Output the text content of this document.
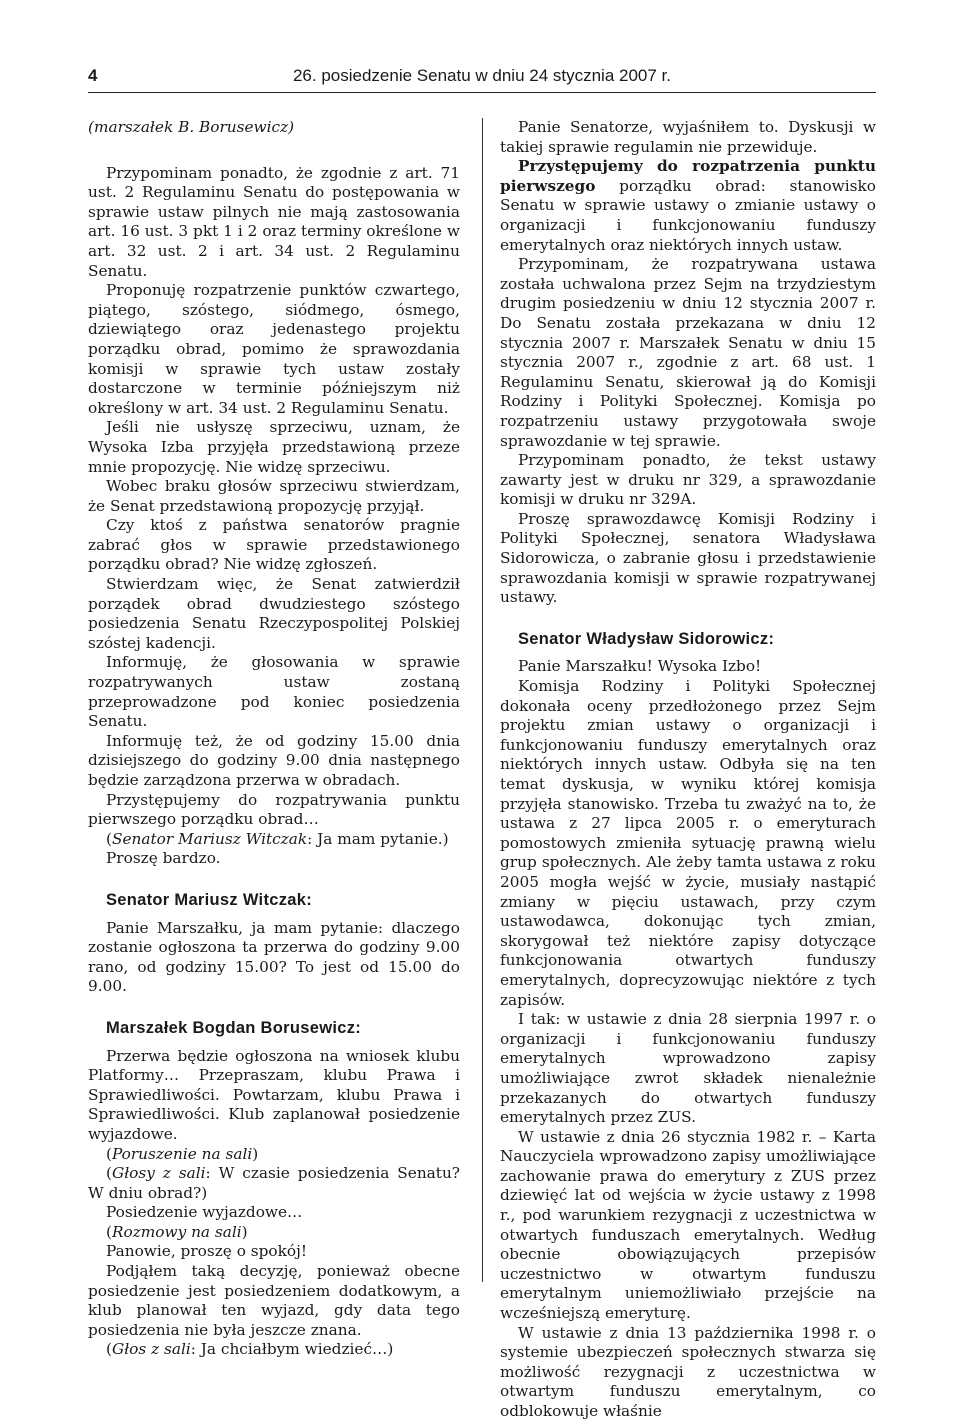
4	26. posiedzenie Senatu w dniu 24 stycznia 2007 r.

(marszałek B. Borusewicz)

Przypominam ponadto, że zgodnie z art. 71 ust. 2 Regulaminu Senatu do postępowania w sprawie ustaw pilnych nie mają zastosowania art. 16 ust. 3 pkt 1 i 2 oraz terminy określone w art. 32 ust. 2 i art. 34 ust. 2 Regulaminu Senatu.

Proponuję rozpatrzenie punktów czwartego, piątego, szóstego, siódmego, ósmego, dziewiątego oraz jedenastego projektu porządku obrad, pomimo że sprawozdania komisji w sprawie tych ustaw zostały dostarczone w terminie późniejszym niż określony w art. 34 ust. 2 Regulaminu Senatu.

Jeśli nie usłyszę sprzeciwu, uznam, że Wysoka Izba przyjęła przedstawioną przeze mnie propozycję. Nie widzę sprzeciwu.

Wobec braku głosów sprzeciwu stwierdzam, że Senat przedstawioną propozycję przyjął.

Czy ktoś z państwa senatorów pragnie zabrać głos w sprawie przedstawionego porządku obrad? Nie widzę zgłoszeń.

Stwierdzam więc, że Senat zatwierdził porządek obrad dwudziestego szóstego posiedzenia Senatu Rzeczypospolitej Polskiej szóstej kadencji.

Informuję, że głosowania w sprawie rozpatrywanych ustaw zostaną przeprowadzone pod koniec posiedzenia Senatu.

Informuję też, że od godziny 15.00 dnia dzisiejszego do godziny 9.00 dnia następnego będzie zarządzona przerwa w obradach.

Przystępujemy do rozpatrywania punktu pierwszego porządku obrad…

(Senator Mariusz Witczak: Ja mam pytanie.)

Proszę bardzo.

Senator Mariusz Witczak:

Panie Marszałku, ja mam pytanie: dlaczego zostanie ogłoszona ta przerwa do godziny 9.00 rano, od godziny 15.00? To jest od 15.00 do 9.00.

Marszałek Bogdan Borusewicz:

Przerwa będzie ogłoszona na wniosek klubu Platformy… Przepraszam, klubu Prawa i Sprawiedliwości. Powtarzam, klubu Prawa i Sprawiedliwości. Klub zaplanował posiedzenie wyjazdowe.

(Poruszenie na sali)

(Głosy z sali: W czasie posiedzenia Senatu? W dniu obrad?)

Posiedzenie wyjazdowe…

(Rozmowy na sali)

Panowie, proszę o spokój!

Podjąłem taką decyzję, ponieważ obecne posiedzenie jest posiedzeniem dodatkowym, a klub planował ten wyjazd, gdy data tego posiedzenia nie była jeszcze znana.

(Głos z sali: Ja chciałbym wiedzieć…)

Panie Senatorze, wyjaśniłem to. Dyskusji w takiej sprawie regulamin nie przewiduje.

Przystępujemy do rozpatrzenia punktu pierwszego porządku obrad: stanowisko Senatu w sprawie ustawy o zmianie ustawy o organizacji i funkcjonowaniu funduszy emerytalnych oraz niektórych innych ustaw.

Przypominam, że rozpatrywana ustawa została uchwalona przez Sejm na trzydziestym drugim posiedzeniu w dniu 12 stycznia 2007 r. Do Senatu została przekazana w dniu 12 stycznia 2007 r. Marszałek Senatu w dniu 15 stycznia 2007 r., zgodnie z art. 68 ust. 1 Regulaminu Senatu, skierował ją do Komisji Rodziny i Polityki Społecznej. Komisja po rozpatrzeniu ustawy przygotowała swoje sprawozdanie w tej sprawie.

Przypominam ponadto, że tekst ustawy zawarty jest w druku nr 329, a sprawozdanie komisji w druku nr 329A.

Proszę sprawozdawcę Komisji Rodziny i Polityki Społecznej, senatora Władysława Sidorowicza, o zabranie głosu i przedstawienie sprawozdania komisji w sprawie rozpatrywanej ustawy.

Senator Władysław Sidorowicz:

Panie Marszałku! Wysoka Izbo!

Komisja Rodziny i Polityki Społecznej dokonała oceny przedłożonego przez Sejm projektu zmian ustawy o organizacji i funkcjonowaniu funduszy emerytalnych oraz niektórych innych ustaw. Odbyła się na ten temat dyskusja, w wyniku której komisja przyjęła stanowisko. Trzeba tu zważyć na to, że ustawa z 27 lipca 2005 r. o emeryturach pomostowych zmieniła sytuację prawną wielu grup społecznych. Ale żeby tamta ustawa z roku 2005 mogła wejść w życie, musiały nastąpić zmiany w pięciu ustawach, przy czym ustawodawca, dokonując tych zmian, skorygował też niektóre zapisy dotyczące funkcjonowania otwartych funduszy emerytalnych, doprecyzowując niektóre z tych zapisów.

I tak: w ustawie z dnia 28 sierpnia 1997 r. o organizacji i funkcjonowaniu funduszy emerytalnych wprowadzono zapisy umożliwiające zwrot składek nienależnie przekazanych do otwartych funduszy emerytalnych przez ZUS.

W ustawie z dnia 26 stycznia 1982 r. – Karta Nauczyciela wprowadzono zapisy umożliwiające zachowanie prawa do emerytury z ZUS przez dziewięć lat od wejścia w życie ustawy z 1998 r., pod warunkiem rezygnacji z uczestnictwa w otwartych funduszach emerytalnych. Według obecnie obowiązujących przepisów uczestnictwo w otwartym funduszu emerytalnym uniemożliwiało przejście na wcześniejszą emeryturę.

W ustawie z dnia 13 października 1998 r. o systemie ubezpieczeń społecznych stwarza się możliwość rezygnacji z uczestnictwa w otwartym funduszu emerytalnym, co odblokowuje właśnie
